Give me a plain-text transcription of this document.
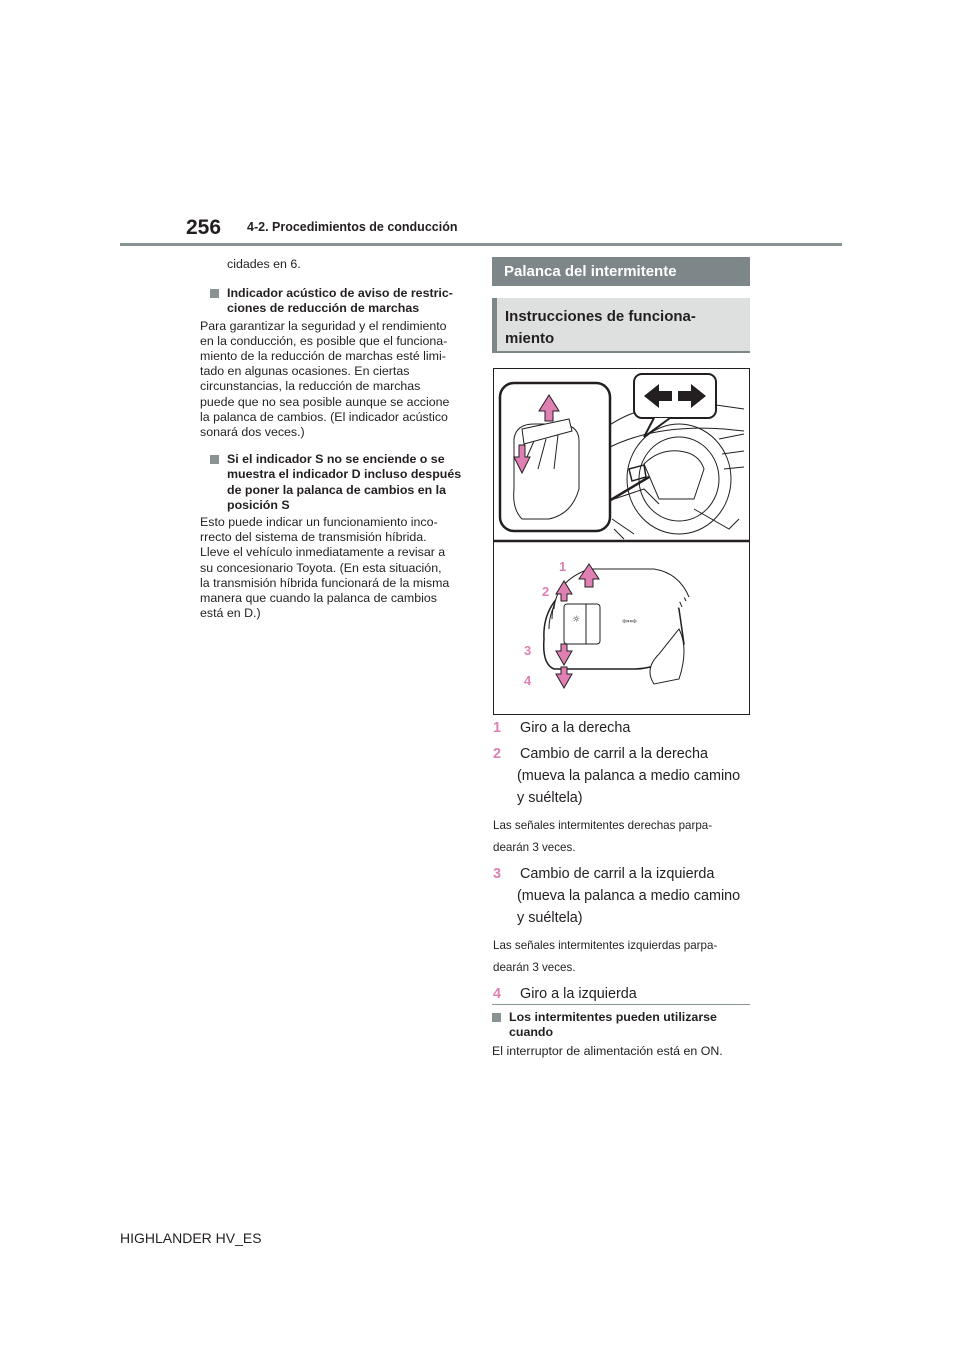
256 4-2. Procedimientos de conducción
cidades en 6.
Indicador acústico de aviso de restric-
ciones de reducción de marchas
Para garantizar la seguridad y el rendimiento
en la conducción, es posible que el funciona-
miento de la reducción de marchas esté limi-
tado en algunas ocasiones. En ciertas
circunstancias, la reducción de marchas
puede que no sea posible aunque se accione
la palanca de cambios. (El indicador acústico
sonará dos veces.)
Si el indicador S no se enciende o se
muestra el indicador D incluso después
de poner la palanca de cambios en la
posición S
Esto puede indicar un funcionamiento inco-
rrecto del sistema de transmisión híbrida.
Lleve el vehículo inmediatamente a revisar a
su concesionario Toyota. (En esta situación,
la transmisión híbrida funcionará de la misma
manera que cuando la palanca de cambios
está en D.)
Palanca del intermitente
Instrucciones de funciona-
miento
☼	⇦⇨
1
2
3
4
1 Giro a la derecha
2 Cambio de carril a la derecha
(mueva la palanca a medio camino
y suéltela)
Las señales intermitentes derechas parpa-
dearán 3 veces.
3 Cambio de carril a la izquierda
(mueva la palanca a medio camino
y suéltela)
Las señales intermitentes izquierdas parpa-
dearán 3 veces.
4 Giro a la izquierda
Los intermitentes pueden utilizarse
cuando
El interruptor de alimentación está en ON.
HIGHLANDER HV_ES
